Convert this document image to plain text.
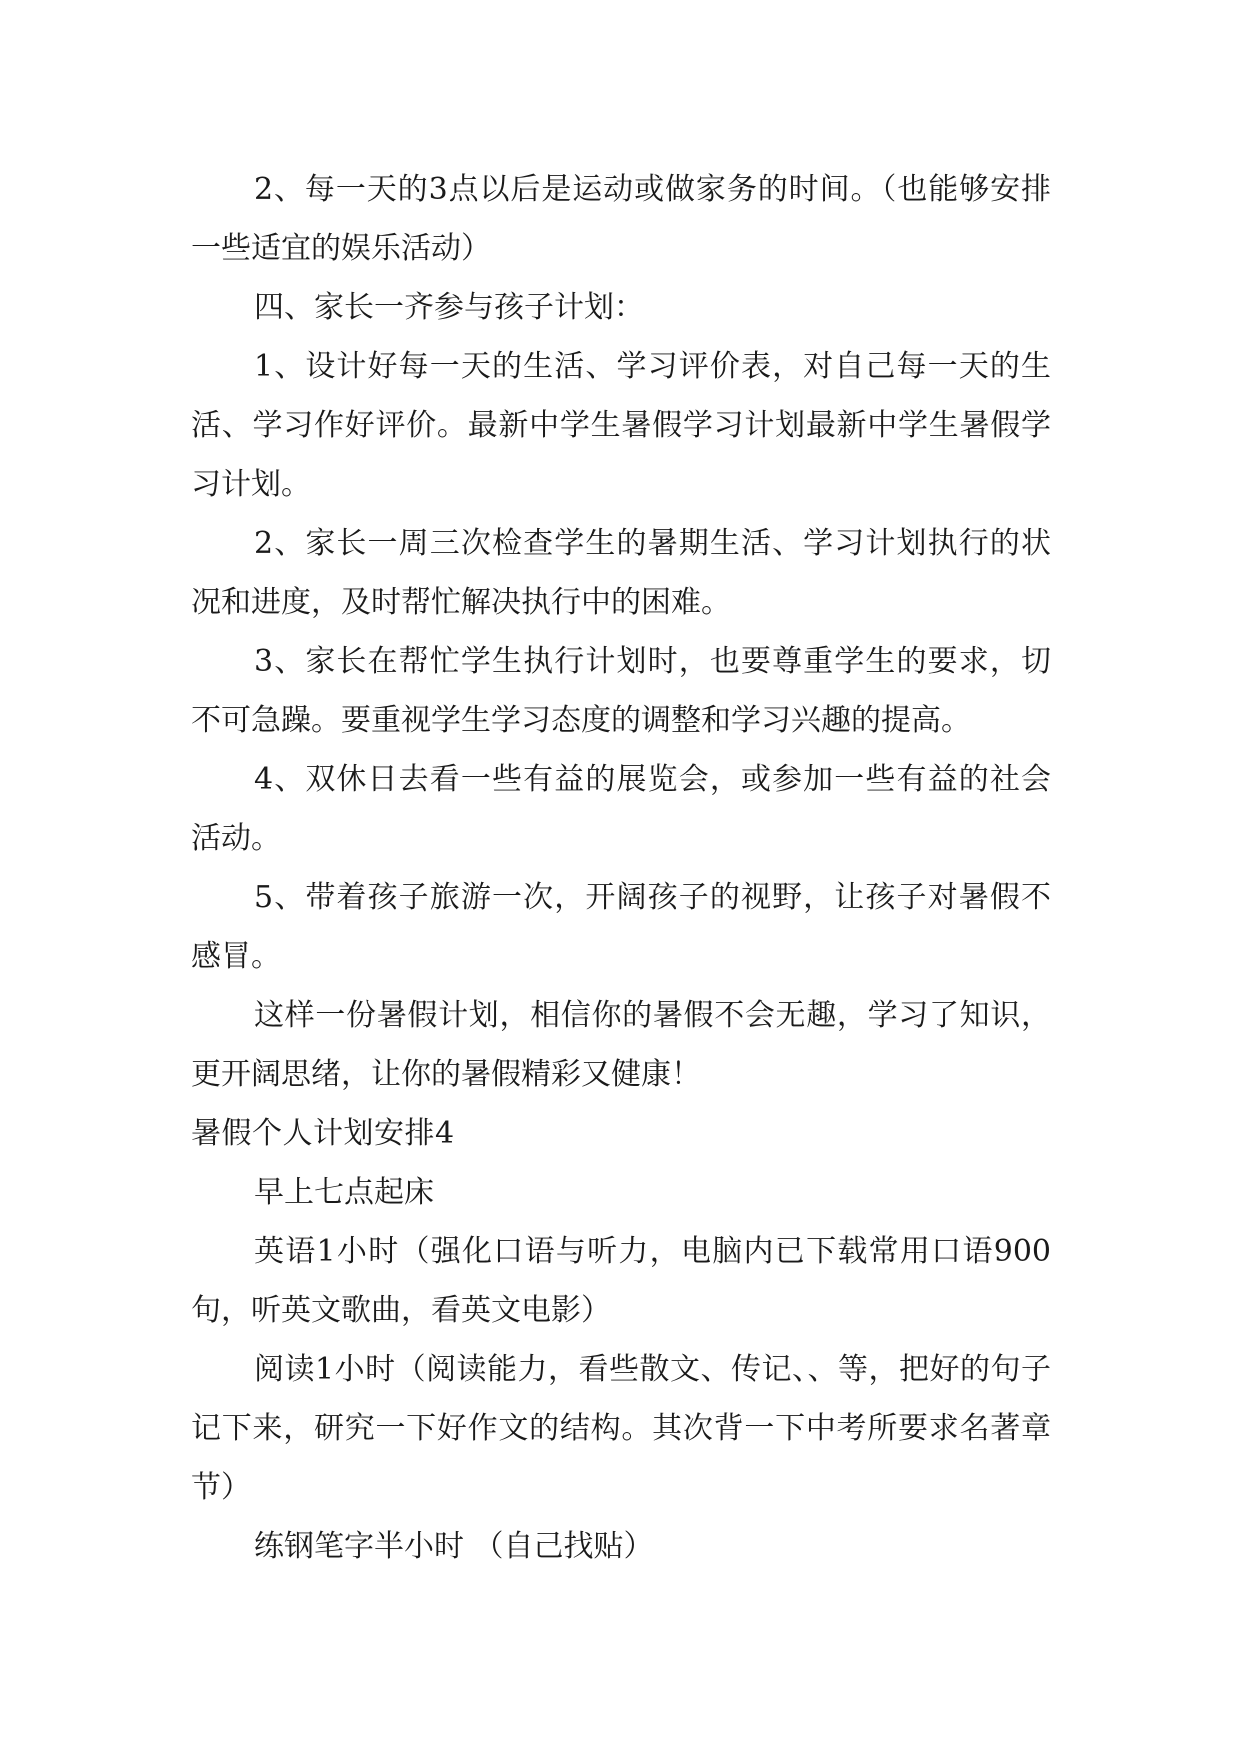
2、每一天的3点以后是运动或做家务的时间。（也能够安排一些适宜的娱乐活动）

四、家长一齐参与孩子计划：

1、设计好每一天的生活、学习评价表，对自己每一天的生活、学习作好评价。最新中学生暑假学习计划最新中学生暑假学习计划。

2、家长一周三次检查学生的暑期生活、学习计划执行的状况和进度，及时帮忙解决执行中的困难。

3、家长在帮忙学生执行计划时，也要尊重学生的要求，切不可急躁。要重视学生学习态度的调整和学习兴趣的提高。

4、双休日去看一些有益的展览会，或参加一些有益的社会活动。

5、带着孩子旅游一次，开阔孩子的视野，让孩子对暑假不感冒。

这样一份暑假计划，相信你的暑假不会无趣，学习了知识，更开阔思绪，让你的暑假精彩又健康！

暑假个人计划安排4

早上七点起床

英语1小时（强化口语与听力，电脑内已下载常用口语900句，听英文歌曲，看英文电影）

阅读1小时（阅读能力，看些散文、传记、、等，把好的句子记下来，研究一下好作文的结构。其次背一下中考所要求名著章节）

练钢笔字半小时 （自己找贴）
